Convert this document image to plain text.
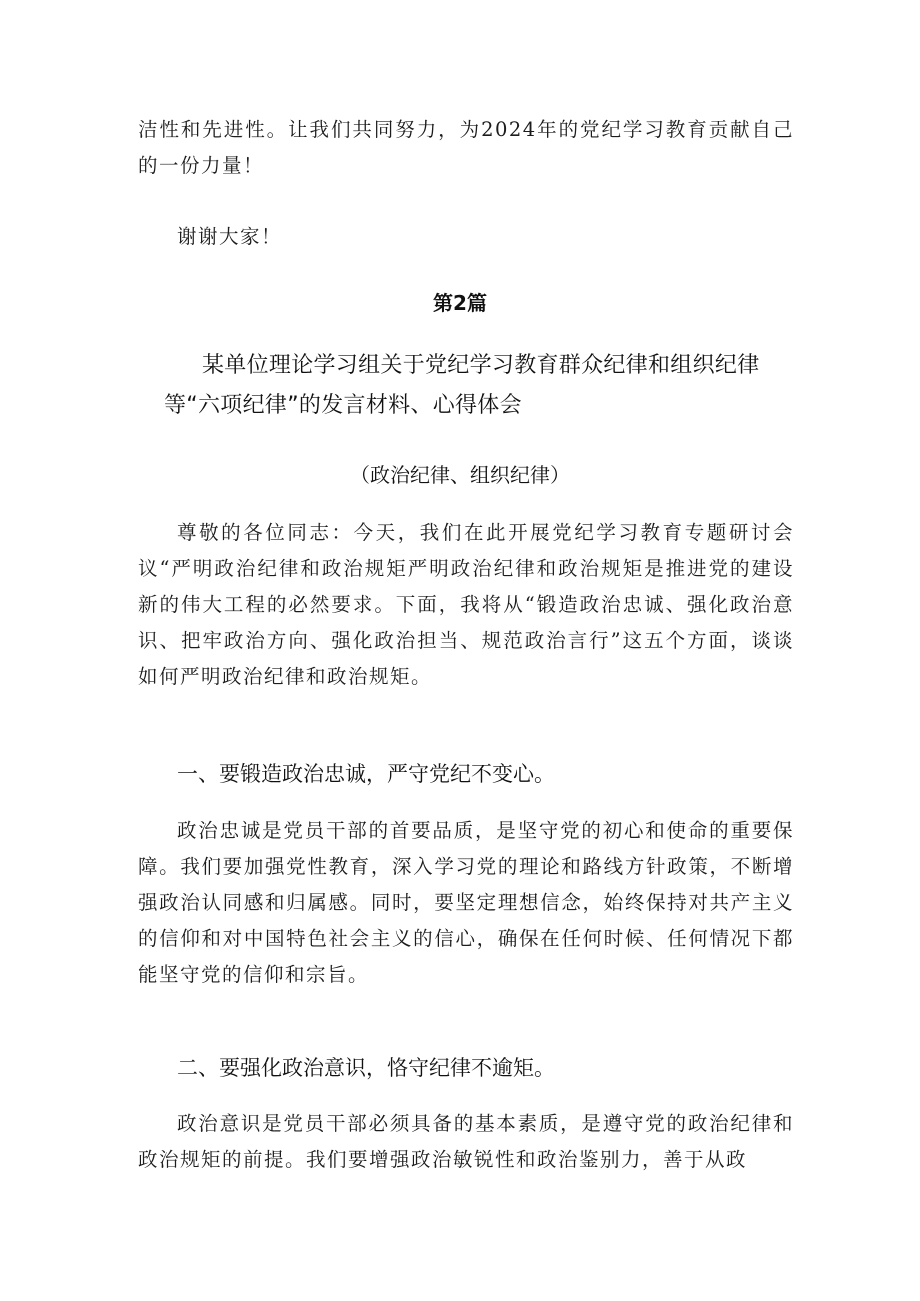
洁性和先进性。让我们共同努力，为2024年的党纪学习教育贡献自己的一份力量！

谢谢大家！

第2篇
某单位理论学习组关于党纪学习教育群众纪律和组织纪律
等“六项纪律”的发言材料、心得体会
（政治纪律、组织纪律）

尊敬的各位同志：今天，我们在此开展党纪学习教育专题研讨会议“严明政治纪律和政治规矩严明政治纪律和政治规矩是推进党的建设新的伟大工程的必然要求。下面，我将从“锻造政治忠诚、强化政治意识、把牢政治方向、强化政治担当、规范政治言行”这五个方面，谈谈如何严明政治纪律和政治规矩。

一、要锻造政治忠诚，严守党纪不变心。

政治忠诚是党员干部的首要品质，是坚守党的初心和使命的重要保障。我们要加强党性教育，深入学习党的理论和路线方针政策，不断增强政治认同感和归属感。同时，要坚定理想信念，始终保持对共产主义的信仰和对中国特色社会主义的信心，确保在任何时候、任何情况下都能坚守党的信仰和宗旨。

二、要强化政治意识，恪守纪律不逾矩。

政治意识是党员干部必须具备的基本素质，是遵守党的政治纪律和政治规矩的前提。我们要增强政治敏锐性和政治鉴别力，善于从政
